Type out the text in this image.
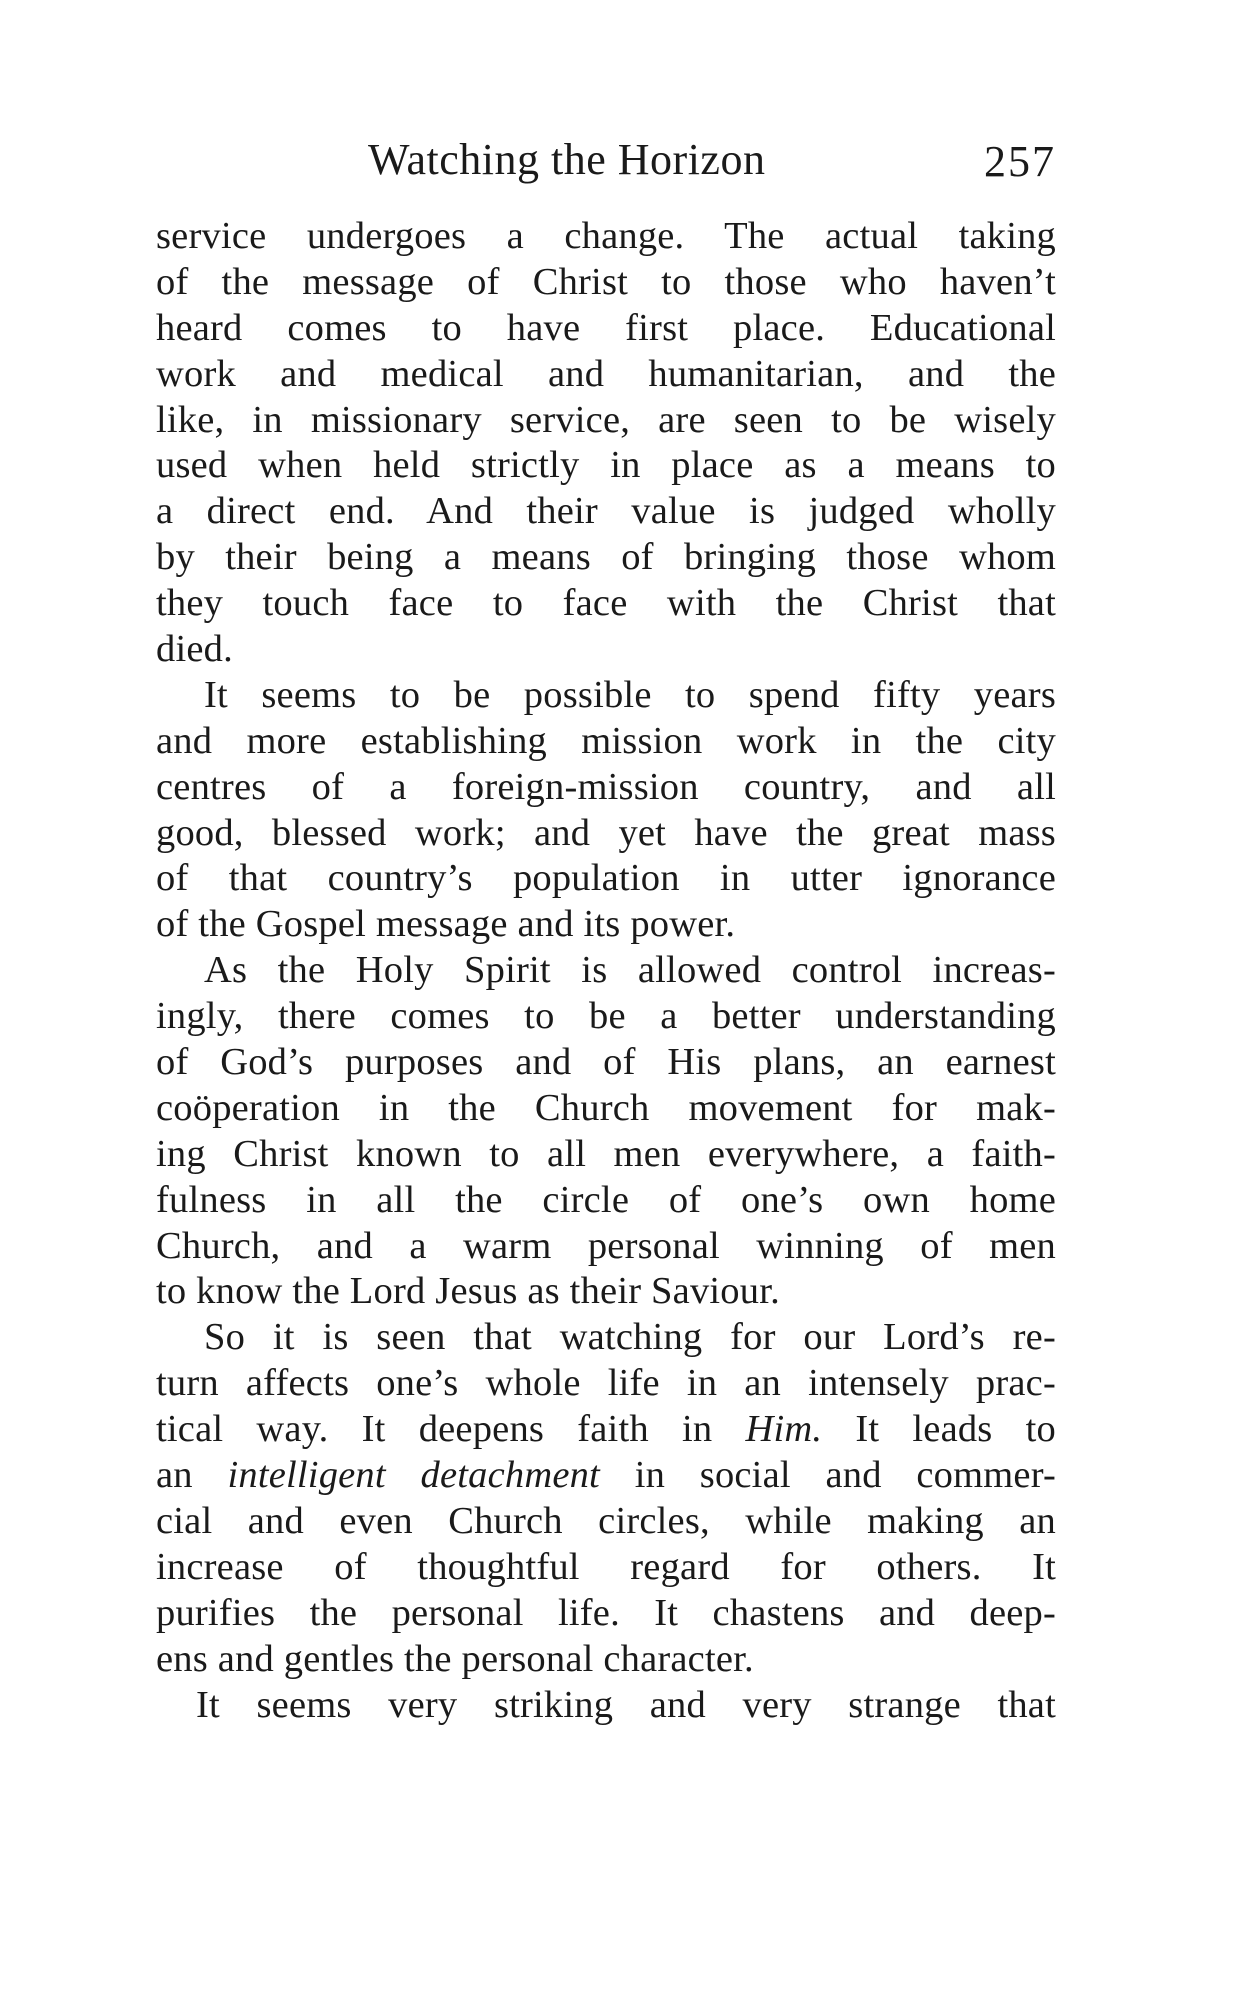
Watching the Horizon	257
service undergoes a change. The actual taking
of the message of Christ to those who haven’t
heard comes to have first place. Educational
work and medical and humanitarian, and the
like, in missionary service, are seen to be wisely
used when held strictly in place as a means to
a direct end. And their value is judged wholly
by their being a means of bringing those whom
they touch face to face with the Christ that
died.
It seems to be possible to spend fifty years
and more establishing mission work in the city
centres of a foreign-mission country, and all
good, blessed work; and yet have the great mass
of that country’s population in utter ignorance
of the Gospel message and its power.
As the Holy Spirit is allowed control increas-
ingly, there comes to be a better understanding
of God’s purposes and of His plans, an earnest
coöperation in the Church movement for mak-
ing Christ known to all men everywhere, a faith-
fulness in all the circle of one’s own home
Church, and a warm personal winning of men
to know the Lord Jesus as their Saviour.
So it is seen that watching for our Lord’s re-
turn affects one’s whole life in an intensely prac-
tical way. It deepens faith in Him. It leads to
an intelligent detachment in social and commer-
cial and even Church circles, while making an
increase of thoughtful regard for others. It
purifies the personal life. It chastens and deep-
ens and gentles the personal character.
It seems very striking and very strange that
